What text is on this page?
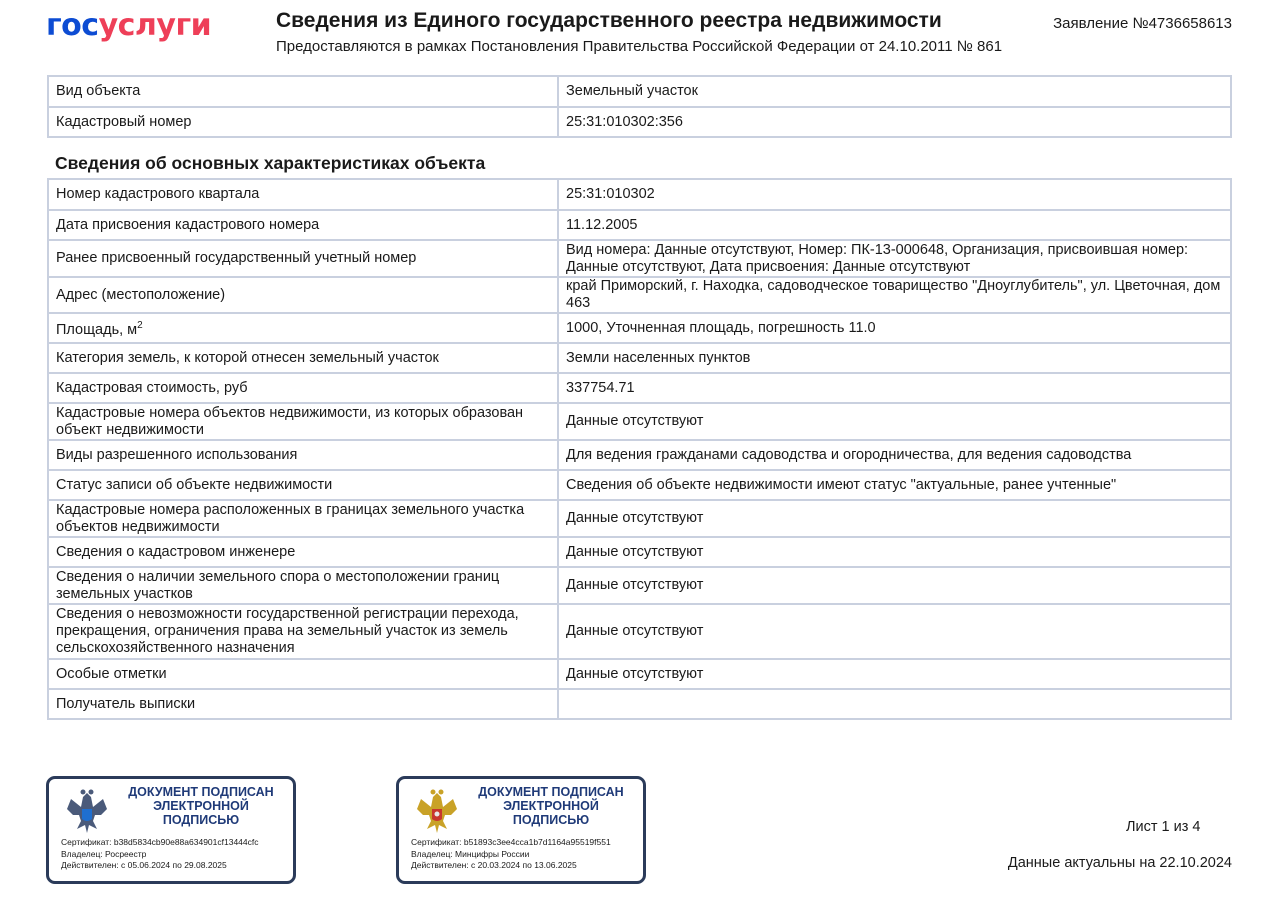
госуслуги	Сведения из Единого государственного реестра недвижимости
Предоставляются в рамках Постановления Правительства Российской Федерации от 24.10.2011 № 861
Заявление №4736658613
Вид объекта	Земельный участок
Кадастровый номер	25:31:010302:356
Сведения об основных характеристиках объекта
Номер кадастрового квартала	25:31:010302
Дата присвоения кадастрового номера	11.12.2005
Ранее присвоенный государственный учетный номер	Вид номера: Данные отсутствуют, Номер: ПК-13-000648, Организация, присвоившая номер: Данные отсутствуют, Дата присвоения: Данные отсутствуют
Адрес (местоположение)	край Приморский, г. Находка, садоводческое товарищество "Дноуглубитель", ул. Цветочная, дом 463
Площадь, $м^2$	1000, Уточненная площадь, погрешность 11.0
Категория земель, к которой отнесен земельный участок	Земли населенных пунктов
Кадастровая стоимость, руб	337754.71
Кадастровые номера объектов недвижимости, из которых образован объект недвижимости	Данные отсутствуют
Виды разрешенного использования	Для ведения гражданами садоводства и огородничества, для ведения садоводства
Статус записи об объекте недвижимости	Сведения об объекте недвижимости имеют статус "актуальные, ранее учтенные"
Кадастровые номера расположенных в границах земельного участка объектов недвижимости	Данные отсутствуют
Сведения о кадастровом инженере	Данные отсутствуют
Сведения о наличии земельного спора о местоположении границ земельных участков	Данные отсутствуют
Сведения о невозможности государственной регистрации перехода, прекращения, ограничения права на земельный участок из земель сельскохозяйственного назначения	Данные отсутствуют
Особые отметки	Данные отсутствуют
Получатель выписки	
ДОКУМЕНТ ПОДПИСАН
ЭЛЕКТРОННОЙ
ПОДПИСЬЮ
Сертификат: b38d5834cb90e88a634901cf13444cfc
Владелец: Росреестр
Действителен: с 05.06.2024 по 29.08.2025
ДОКУМЕНТ ПОДПИСАН
ЭЛЕКТРОННОЙ
ПОДПИСЬЮ
Сертификат: b51893c3ee4cca1b7d1164a95519f551
Владелец: Минцифры России
Действителен: с 20.03.2024 по 13.06.2025
Лист 1 из 4
Данные актуальны на 22.10.2024
